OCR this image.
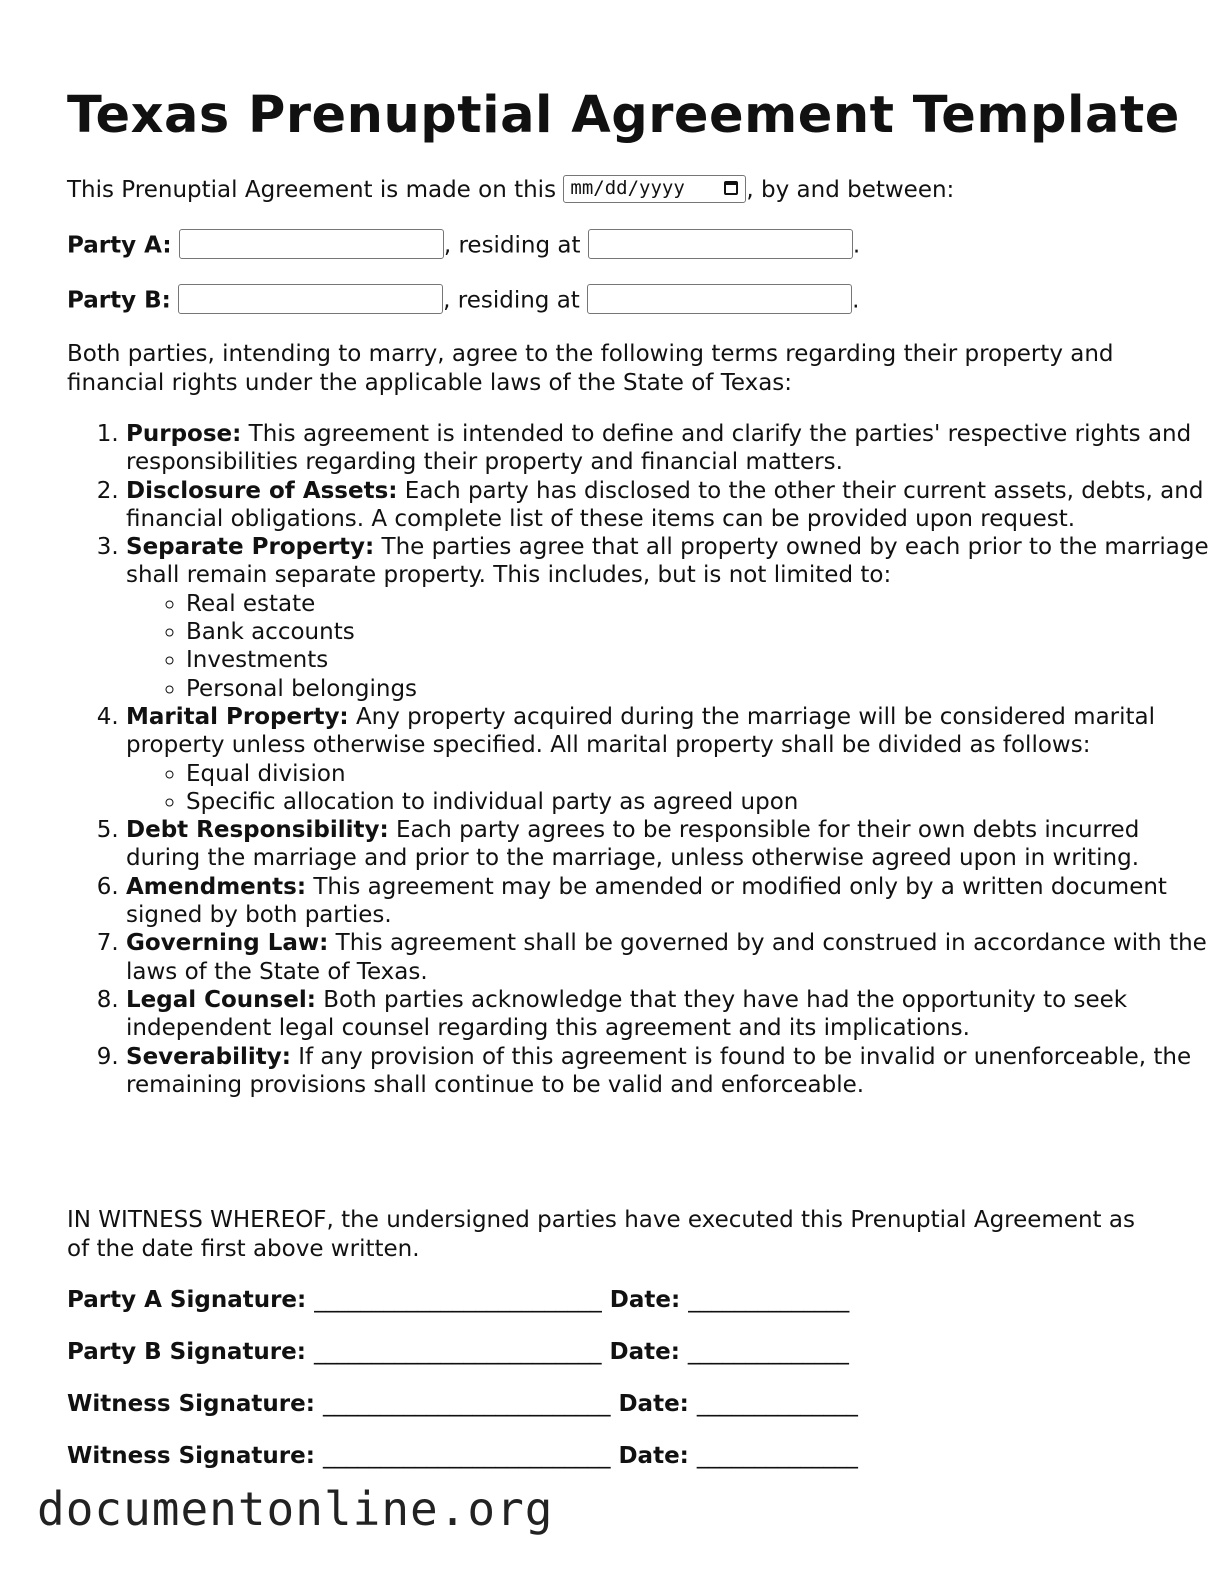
Texas Prenuptial Agreement Template
This Prenuptial Agreement is made on this mm/dd/yyyy	, by and between:
Party A:	, residing at	.
Party B:	, residing at	.

Both parties, intending to marry, agree to the following terms regarding their property and financial rights under the applicable laws of the State of Texas:

1. Purpose: This agreement is intended to define and clarify the parties' respective rights and responsibilities regarding their property and financial matters.
2. Disclosure of Assets: Each party has disclosed to the other their current assets, debts, and financial obligations. A complete list of these items can be provided upon request.
3. Separate Property: The parties agree that all property owned by each prior to the marriage shall remain separate property. This includes, but is not limited to:
◦ Real estate
◦ Bank accounts
◦ Investments
◦ Personal belongings
4. Marital Property: Any property acquired during the marriage will be considered marital property unless otherwise specified. All marital property shall be divided as follows:
◦ Equal division
◦ Specific allocation to individual party as agreed upon
5. Debt Responsibility: Each party agrees to be responsible for their own debts incurred during the marriage and prior to the marriage, unless otherwise agreed upon in writing.
6. Amendments: This agreement may be amended or modified only by a written document signed by both parties.
7. Governing Law: This agreement shall be governed by and construed in accordance with the laws of the State of Texas.
8. Legal Counsel: Both parties acknowledge that they have had the opportunity to seek independent legal counsel regarding this agreement and its implications.
9. Severability: If any provision of this agreement is found to be invalid or unenforceable, the remaining provisions shall continue to be valid and enforceable.

IN WITNESS WHEREOF, the undersigned parties have executed this Prenuptial Agreement as of the date first above written.

Party A Signature: _________________________ Date: ______________
Party B Signature: _________________________ Date: ______________
Witness Signature: _________________________ Date: ______________
Witness Signature: _________________________ Date: ______________
documentonline.org
